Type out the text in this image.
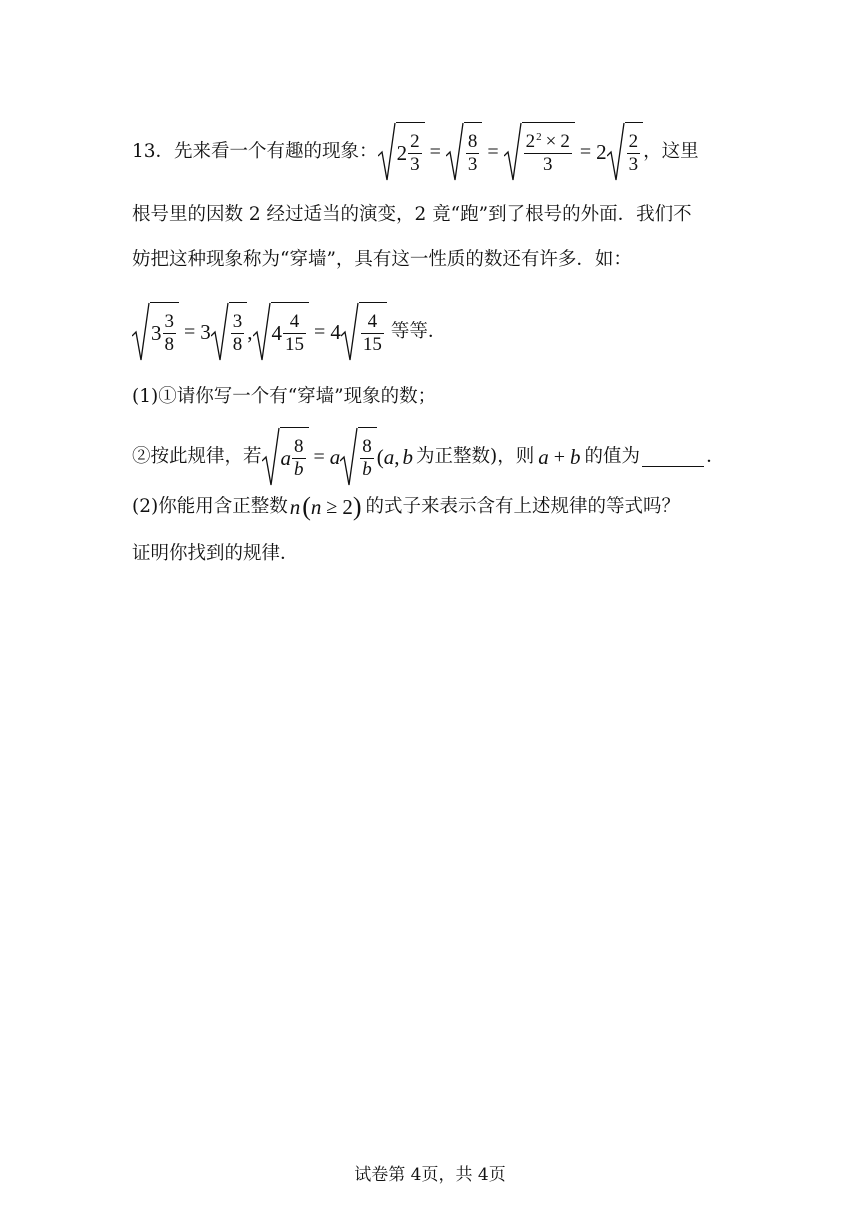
13． 先来看一个有趣的现象： $2 \frac{2}{3} = \frac{8}{3} = \frac{2^2 \times 2}{3} = 2 \frac{2}{3}$ ，这里
根号里的因数 2 经过适当的演变，2 竟“跑”到了根号的外面．我们不
妨把这种现象称为“穿墙”，具有这一性质的数还有许多．如：
$3 \frac{3}{8} = 3 \frac{3}{8}$ , $4 \frac{4}{15} = 4 \frac{4}{15}$ 等等．
(1)①请你写一个有“穿墙”现象的数；
②按此规律，若 a $\frac{8}{b} = a \frac{8}{b}$ ( a , b 为正整数)，则 a + b 的值为	．
(2)你能用含正整数 n ( n ≥ 2 ) 的式子来表示含有上述规律的等式吗？
证明你找到的规律．
试卷第 4页，共 4页
